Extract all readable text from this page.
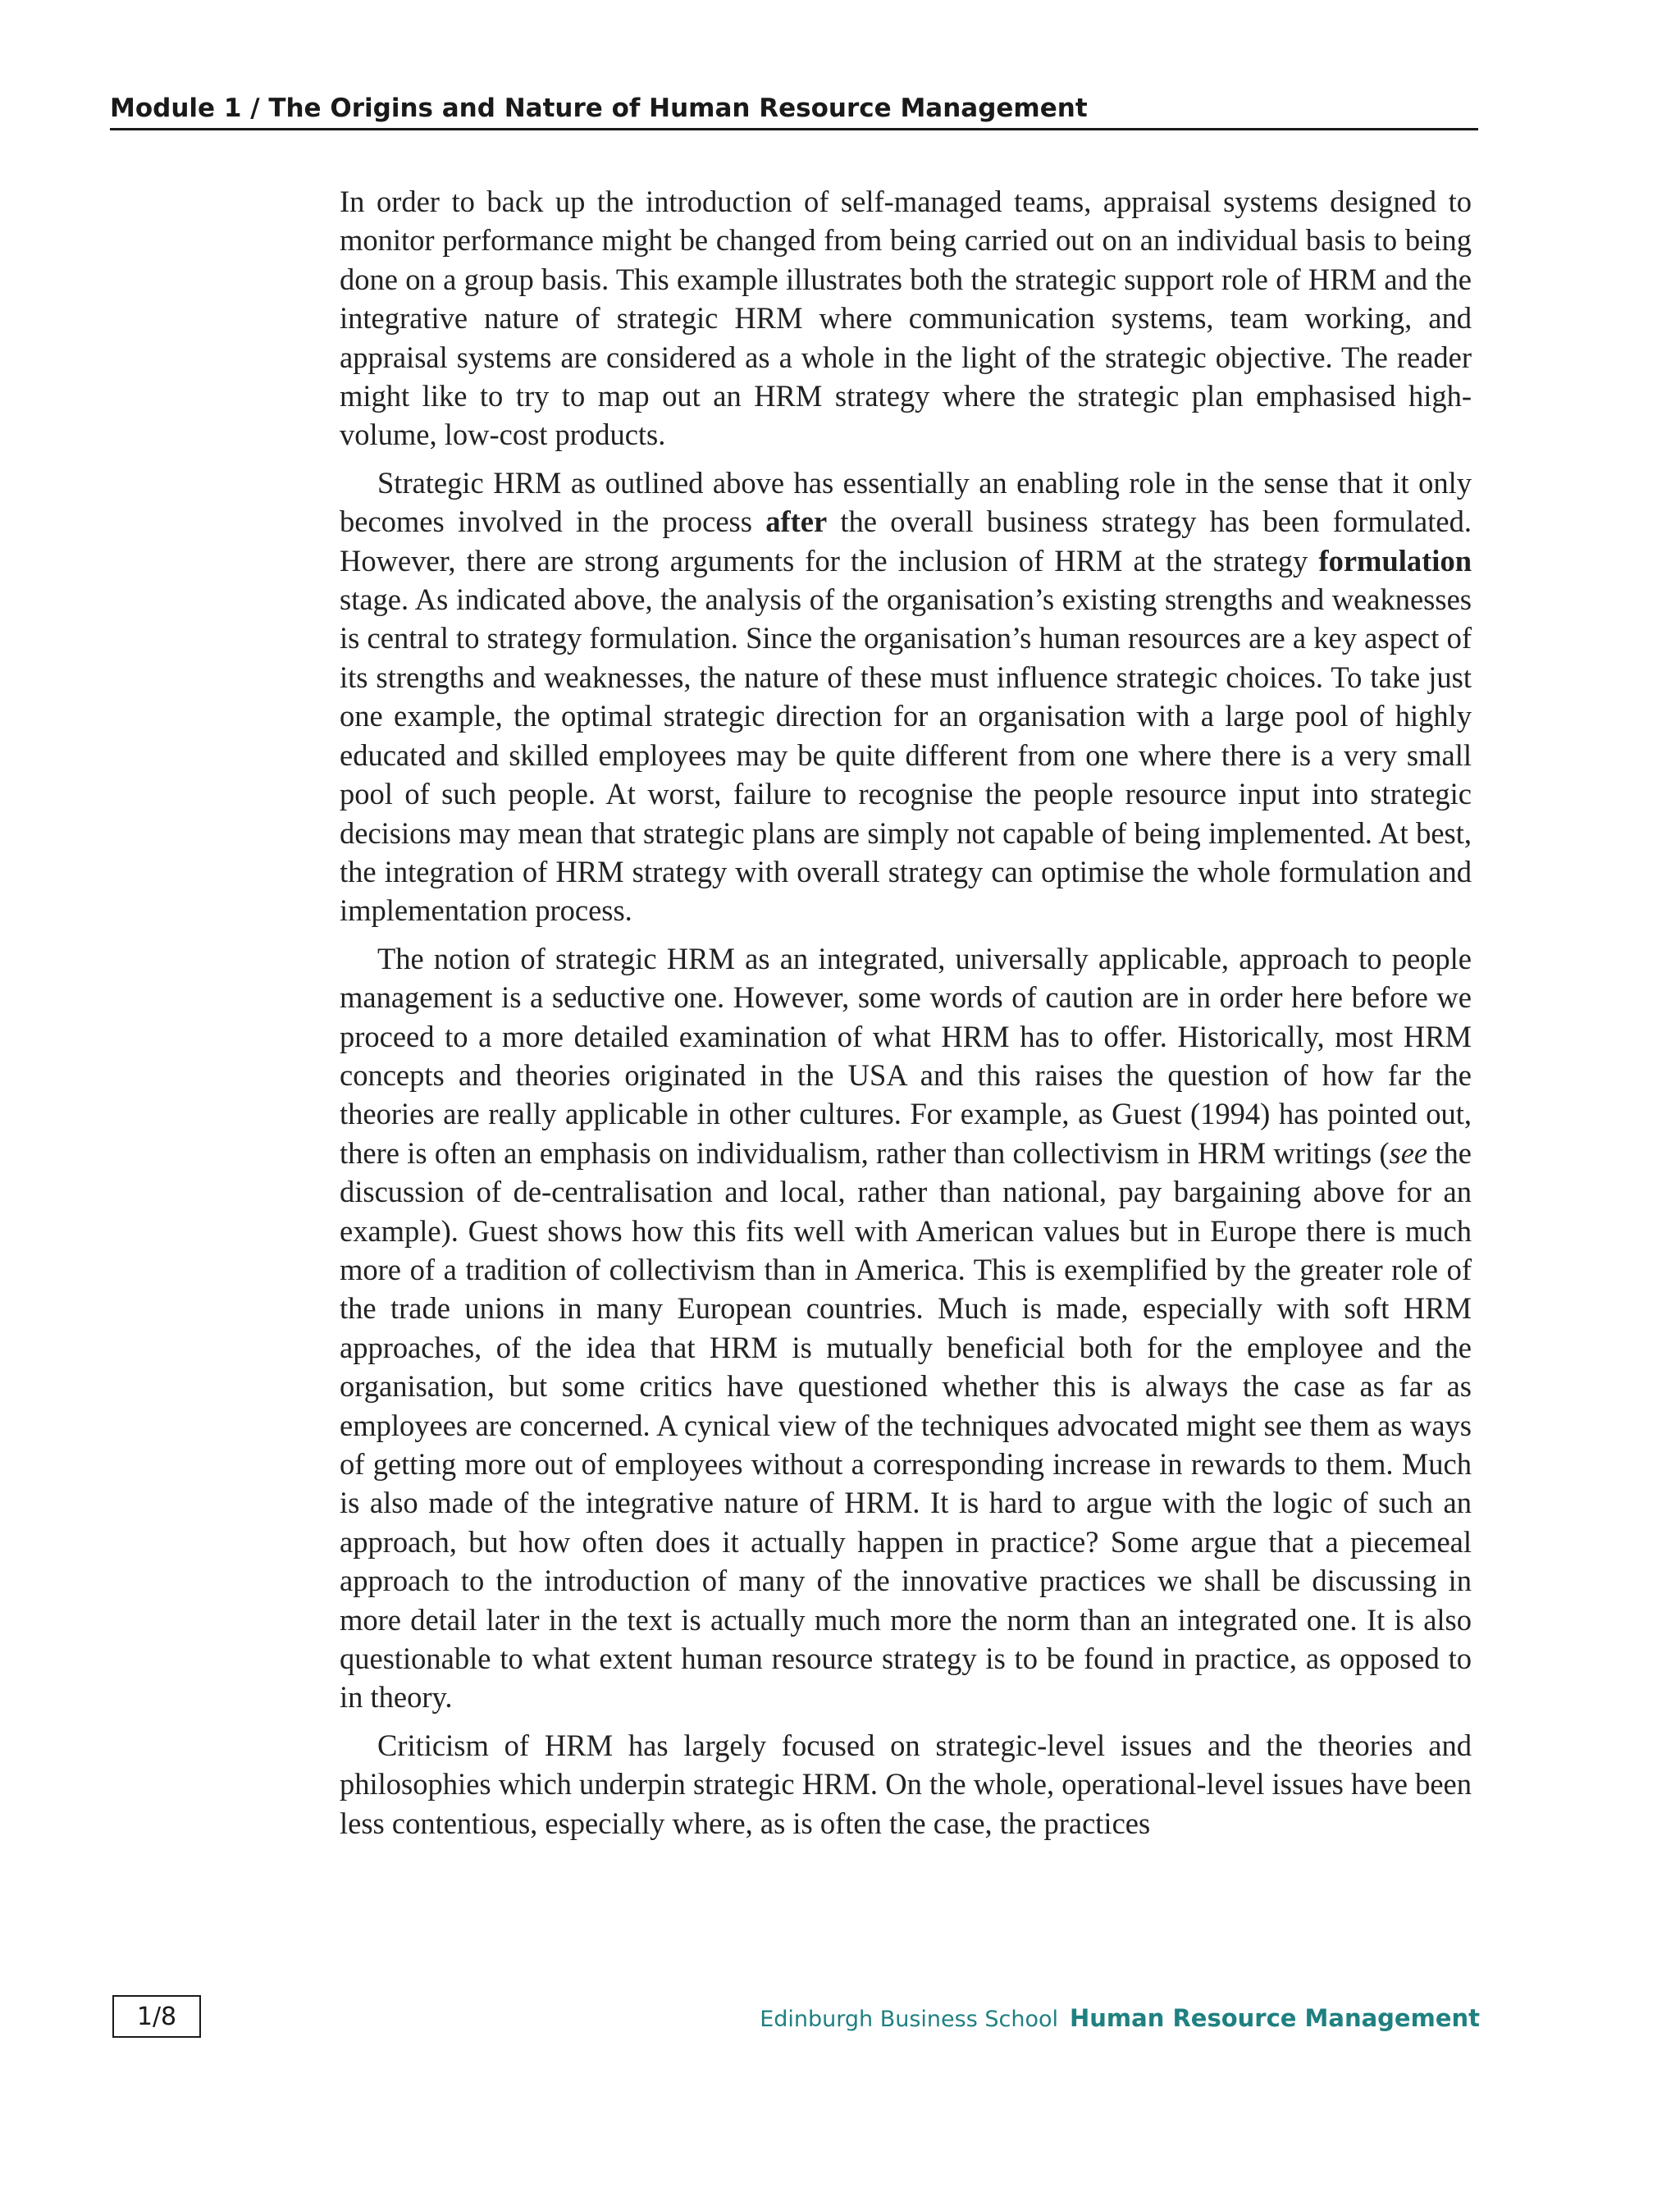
Module 1 / The Origins and Nature of Human Resource Management

In order to back up the introduction of self-managed teams, appraisal systems designed to monitor performance might be changed from being carried out on an individual basis to being done on a group basis. This example illustrates both the strategic support role of HRM and the integrative nature of strategic HRM where communication systems, team working, and appraisal systems are considered as a whole in the light of the strategic objective. The reader might like to try to map out an HRM strategy where the strategic plan emphasised high-volume, low-cost products.

Strategic HRM as outlined above has essentially an enabling role in the sense that it only becomes involved in the process after the overall business strategy has been formulated. However, there are strong arguments for the inclusion of HRM at the strategy formulation stage. As indicated above, the analysis of the organisation’s existing strengths and weaknesses is central to strategy formulation. Since the organisation’s human resources are a key aspect of its strengths and weaknesses, the nature of these must influence strategic choices. To take just one example, the optimal strategic direction for an organisation with a large pool of highly educated and skilled employees may be quite different from one where there is a very small pool of such people. At worst, failure to recognise the people resource input into strategic decisions may mean that strategic plans are simply not capable of being implemented. At best, the integration of HRM strategy with overall strategy can optimise the whole formulation and implementation process.

The notion of strategic HRM as an integrated, universally applicable, approach to people management is a seductive one. However, some words of caution are in order here before we proceed to a more detailed examination of what HRM has to offer. Historically, most HRM concepts and theories originated in the USA and this raises the question of how far the theories are really applicable in other cultures. For example, as Guest (1994) has pointed out, there is often an emphasis on individualism, rather than collectivism in HRM writings (see the discussion of de-centralisation and local, rather than national, pay bargaining above for an example). Guest shows how this fits well with American values but in Europe there is much more of a tradition of collectivism than in America. This is exemplified by the greater role of the trade unions in many European countries. Much is made, especially with soft HRM approaches, of the idea that HRM is mutually beneficial both for the employee and the organisation, but some critics have questioned whether this is always the case as far as employees are concerned. A cynical view of the techniques advocated might see them as ways of getting more out of employees without a corresponding increase in rewards to them. Much is also made of the integrative nature of HRM. It is hard to argue with the logic of such an approach, but how often does it actually happen in practice? Some argue that a piecemeal approach to the introduction of many of the innovative practices we shall be discussing in more detail later in the text is actually much more the norm than an integrated one. It is also questionable to what extent human resource strategy is to be found in practice, as opposed to in theory.

Criticism of HRM has largely focused on strategic-level issues and the theories and philosophies which underpin strategic HRM. On the whole, operational-level issues have been less contentious, especially where, as is often the case, the practices

1/8	Edinburgh Business School Human Resource Management
